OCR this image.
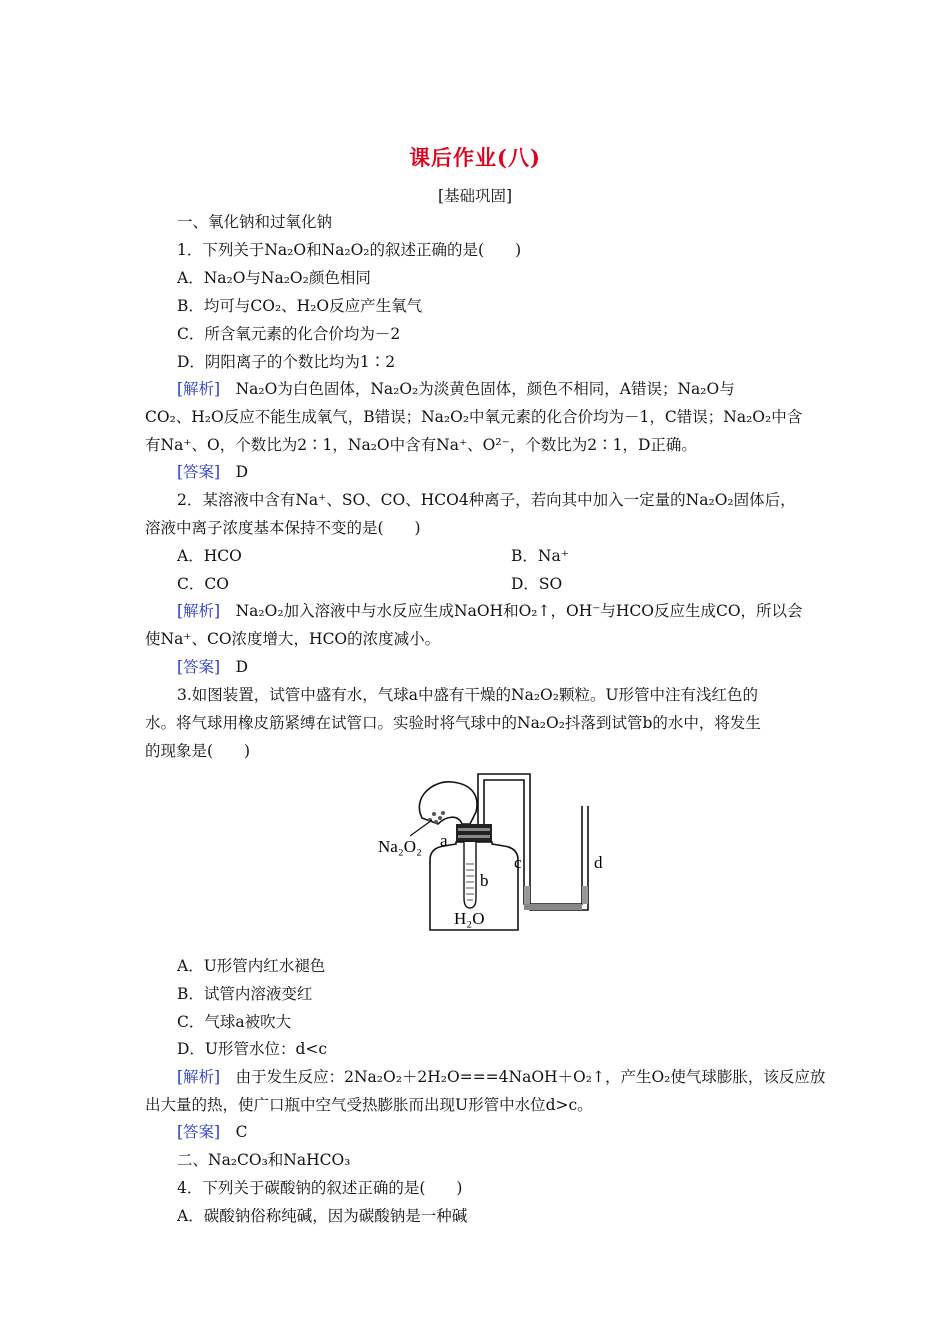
课后作业(八)
[基础巩固]
一、氧化钠和过氧化钠
1．下列关于Na₂O和Na₂O₂的叙述正确的是(　　)
A．Na₂O与Na₂O₂颜色相同
B．均可与CO₂、H₂O反应产生氧气
C．所含氧元素的化合价均为－2
D．阴阳离子的个数比均为1∶2
[解析]　Na₂O为白色固体，Na₂O₂为淡黄色固体，颜色不相同，A错误；Na₂O与
CO₂、H₂O反应不能生成氧气，B错误；Na₂O₂中氧元素的化合价均为－1，C错误；Na₂O₂中含
有Na⁺、O，个数比为2∶1，Na₂O中含有Na⁺、O²⁻，个数比为2∶1，D正确。
[答案]　D
2．某溶液中含有Na⁺、SO、CO、HCO4种离子，若向其中加入一定量的Na₂O₂固体后，
溶液中离子浓度基本保持不变的是(　　)
A．HCO	B．Na⁺
C．CO	D．SO
[解析]　Na₂O₂加入溶液中与水反应生成NaOH和O₂↑，OH⁻与HCO反应生成CO，所以会
使Na⁺、CO浓度增大，HCO的浓度减小。
[答案]　D
3.如图装置，试管中盛有水，气球a中盛有干燥的Na₂O₂颗粒。U形管中注有浅红色的
水。将气球用橡皮筋紧缚在试管口。实验时将气球中的Na₂O₂抖落到试管b的水中，将发生
的现象是(　　)
Na₂O₂ a
b
c	d
H₂O
A．U形管内红水褪色
B．试管内溶液变红
C．气球a被吹大
D．U形管水位：d<c
[解析]　由于发生反应：2Na₂O₂＋2H₂O===4NaOH＋O₂↑，产生O₂使气球膨胀，该反应放
出大量的热，使广口瓶中空气受热膨胀而出现U形管中水位d>c。
[答案]　C
二、Na₂CO₃和NaHCO₃
4．下列关于碳酸钠的叙述正确的是(　　)
A．碳酸钠俗称纯碱，因为碳酸钠是一种碱
